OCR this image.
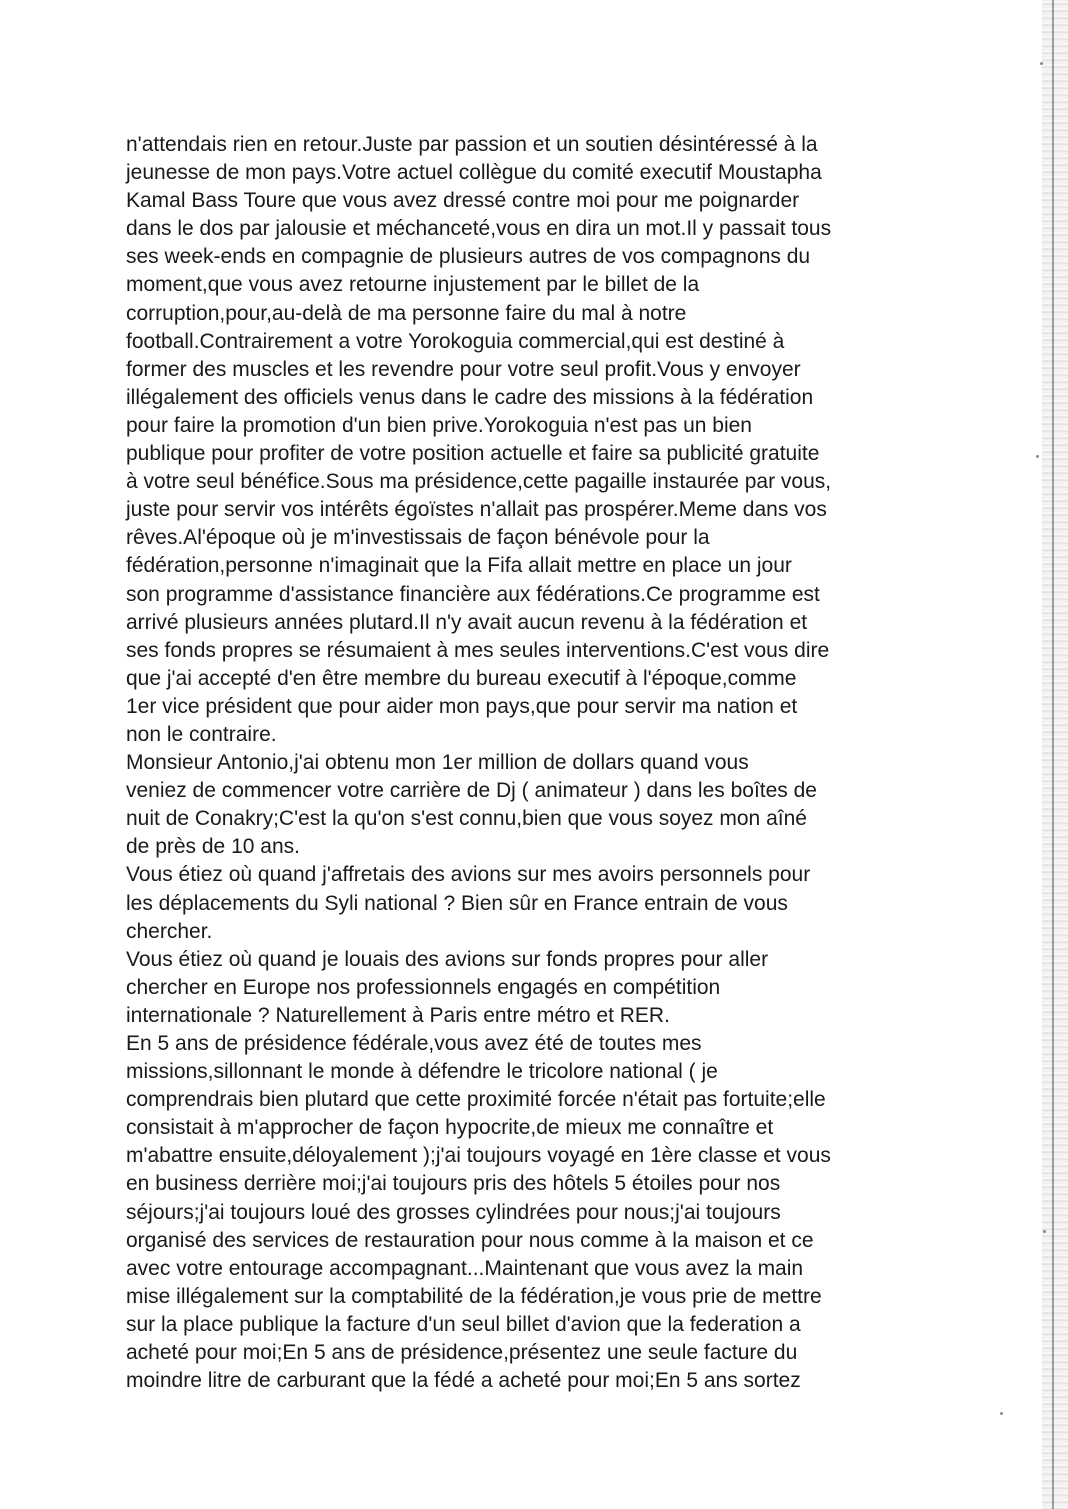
n'attendais rien en retour.Juste par passion et un soutien désintéressé à la
jeunesse de mon pays.Votre actuel collègue du comité executif Moustapha
Kamal Bass Toure que vous avez dressé contre moi pour me poignarder
dans le dos par jalousie et méchanceté,vous en dira un mot.Il y passait tous
ses week-ends en compagnie de plusieurs autres de vos compagnons du
moment,que vous avez retourne injustement par le billet de la
corruption,pour,au-delà de ma personne faire du mal à notre
football.Contrairement a votre Yorokoguia commercial,qui est destiné à
former des muscles et les revendre pour votre seul profit.Vous y envoyer
illégalement des officiels venus dans le cadre des missions à la fédération
pour faire la promotion d'un bien prive.Yorokoguia n'est pas un bien
publique pour profiter de votre position actuelle et faire sa publicité gratuite
à votre seul bénéfice.Sous ma présidence,cette pagaille instaurée par vous,
juste pour servir vos intérêts égoïstes n'allait pas prospérer.Meme dans vos
rêves.Al'époque où je m'investissais de façon bénévole pour la
fédération,personne n'imaginait que la Fifa allait mettre en place un jour
son programme d'assistance financière aux fédérations.Ce programme est
arrivé plusieurs années plutard.Il n'y avait aucun revenu à la fédération et
ses fonds propres se résumaient à mes seules interventions.C'est vous dire
que j'ai accepté d'en être membre du bureau executif à l'époque,comme
1er vice président que pour aider mon pays,que pour servir ma nation et
non le contraire.
Monsieur Antonio,j'ai obtenu mon 1er million de dollars quand vous
veniez de commencer votre carrière de Dj ( animateur ) dans les boîtes de
nuit de Conakry;C'est la qu'on s'est connu,bien que vous soyez mon aîné
de près de 10 ans.
Vous étiez où quand j'affretais des avions sur mes avoirs personnels pour
les déplacements du Syli national ? Bien sûr en France entrain de vous
chercher.
Vous étiez où quand je louais des avions sur fonds propres pour aller
chercher en Europe nos professionnels engagés en compétition
internationale ? Naturellement à Paris entre métro et RER.
En 5 ans de présidence fédérale,vous avez été de toutes mes
missions,sillonnant le monde à défendre le tricolore national ( je
comprendrais bien plutard que cette proximité forcée n'était pas fortuite;elle
consistait à m'approcher de façon hypocrite,de mieux me connaître et
m'abattre ensuite,déloyalement );j'ai toujours voyagé en 1ère classe et vous
en business derrière moi;j'ai toujours pris des hôtels 5 étoiles pour nos
séjours;j'ai toujours loué des grosses cylindrées pour nous;j'ai toujours
organisé des services de restauration pour nous comme à la maison et ce
avec votre entourage accompagnant...Maintenant que vous avez la main
mise illégalement sur la comptabilité de la fédération,je vous prie de mettre
sur la place publique la facture d'un seul billet d'avion que la federation a
acheté pour moi;En 5 ans de présidence,présentez une seule facture du
moindre litre de carburant que la fédé a acheté pour moi;En 5 ans sortez
